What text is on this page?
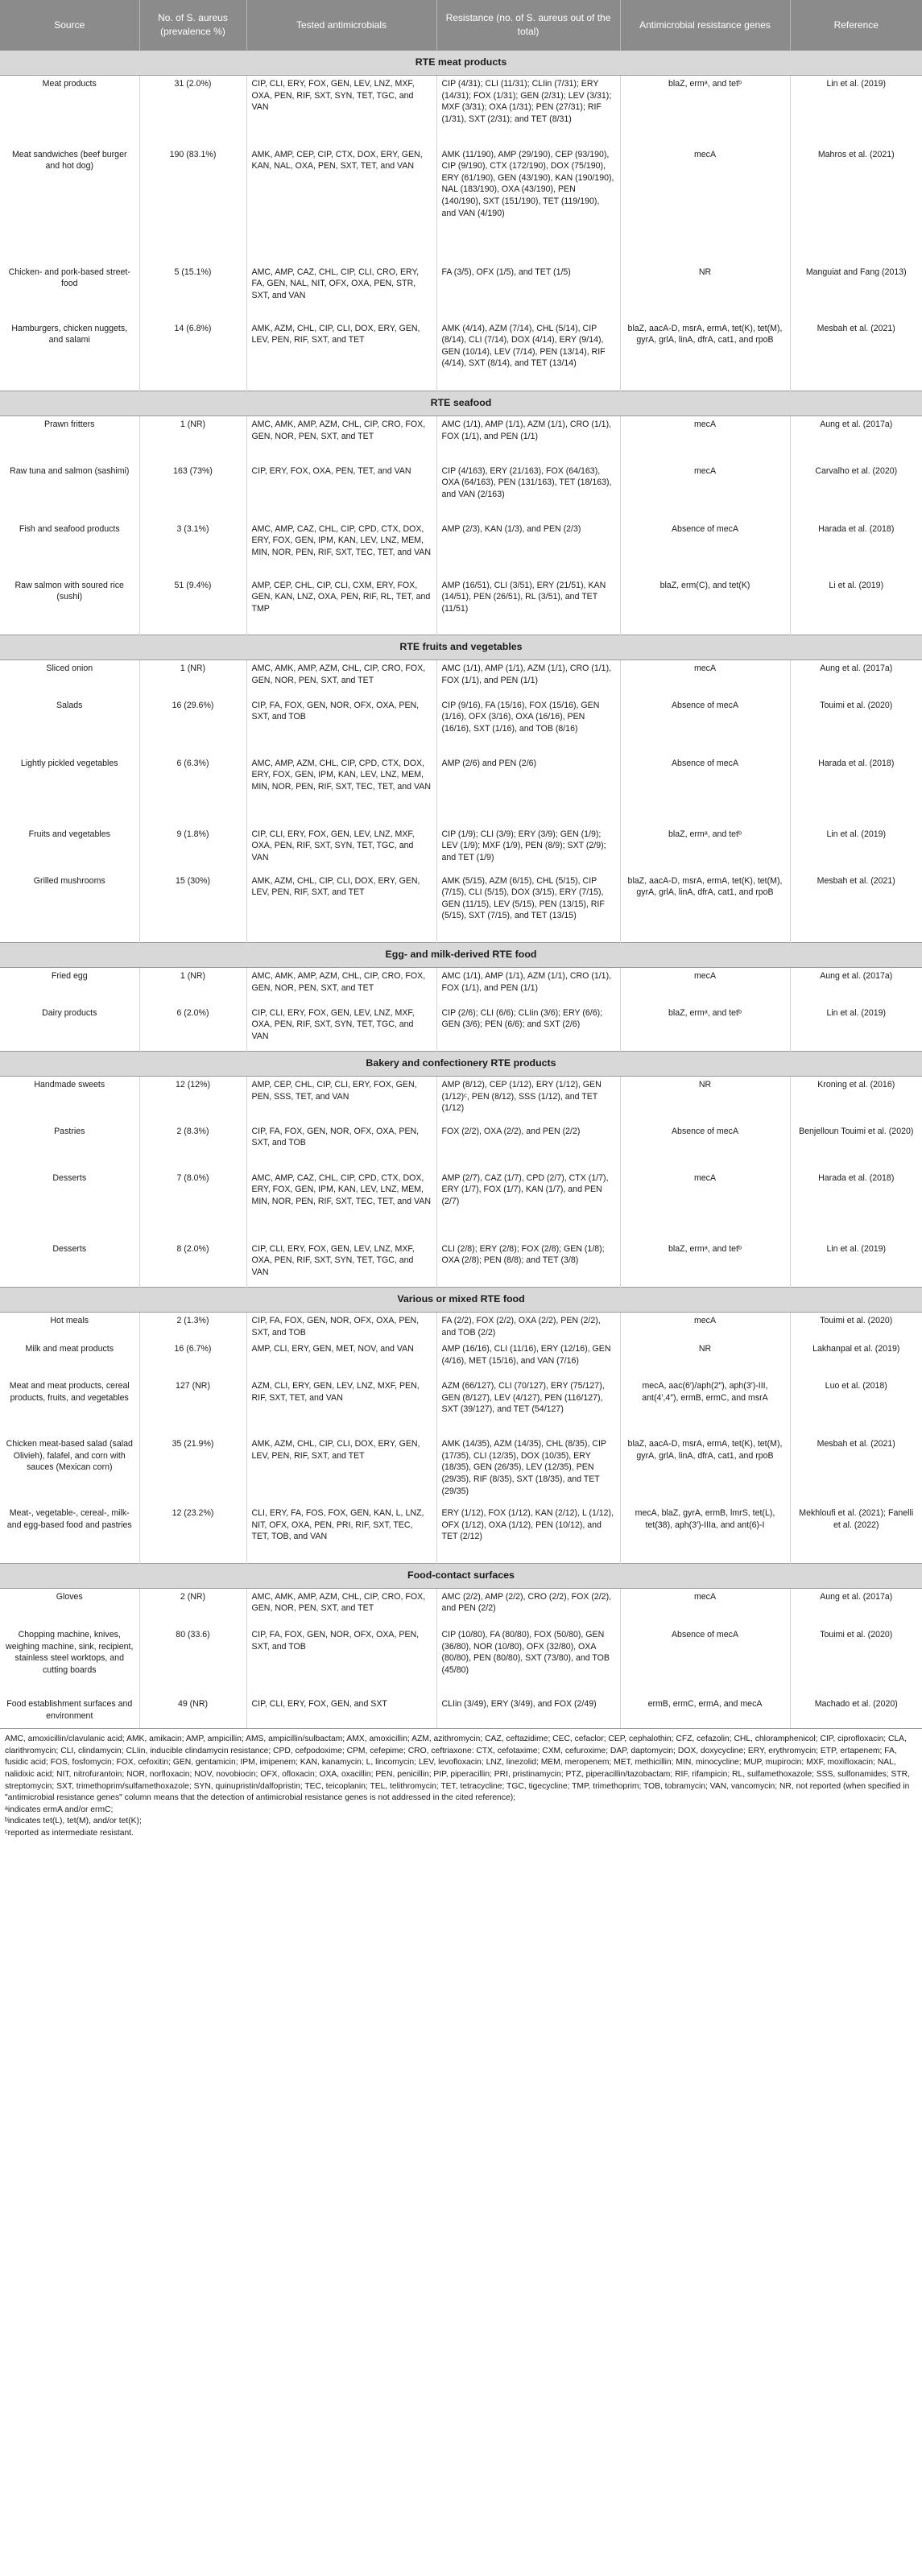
Source	No. of S. aureus (prevalence %)	Tested antimicrobials	Resistance (no. of S. aureus out of the total)	Antimicrobial resistance genes	Reference
RTE meat products					
Meat products	31 (2.0%)	CIP, CLI, ERY, FOX, GEN, LEV, LNZ, MXF, OXA, PEN, RIF, SXT, SYN, TET, TGC, and VAN	CIP (4/31); CLI (11/31); CLIin (7/31); ERY (14/31); FOX (1/31); GEN (2/31); LEV (3/31); MXF (3/31); OXA (1/31); PEN (27/31); RIF (1/31), SXT (2/31); and TET (8/31)	blaZ, ermᵃ, and tetᵇ	Lin et al. (2019)
Meat sandwiches (beef burger and hot dog)	190 (83.1%)	AMK, AMP, CEP, CIP, CTX, DOX, ERY, GEN, KAN, NAL, OXA, PEN, SXT, TET, and VAN	AMK (11/190), AMP (29/190), CEP (93/190), CIP (9/190), CTX (172/190), DOX (75/190), ERY (61/190), GEN (43/190), KAN (190/190), NAL (183/190), OXA (43/190), PEN (140/190), SXT (151/190), TET (119/190), and VAN (4/190)	mecA	Mahros et al. (2021)
Chicken- and pork-based street-food	5 (15.1%)	AMC, AMP, CAZ, CHL, CIP, CLI, CRO, ERY, FA, GEN, NAL, NIT, OFX, OXA, PEN, STR, SXT, and VAN	FA (3/5), OFX (1/5), and TET (1/5)	NR	Manguiat and Fang (2013)
Hamburgers, chicken nuggets, and salami	14 (6.8%)	AMK, AZM, CHL, CIP, CLI, DOX, ERY, GEN, LEV, PEN, RIF, SXT, and TET	AMK (4/14), AZM (7/14), CHL (5/14), CIP (8/14), CLI (7/14), DOX (4/14), ERY (9/14), GEN (10/14), LEV (7/14), PEN (13/14), RIF (4/14), SXT (8/14), and TET (13/14)	blaZ, aacA-D, msrA, ermA, tet(K), tet(M), gyrA, grlA, linA, dfrA, cat1, and rpoB	Mesbah et al. (2021)
RTE seafood					
Prawn fritters	1 (NR)	AMC, AMK, AMP, AZM, CHL, CIP, CRO, FOX, GEN, NOR, PEN, SXT, and TET	AMC (1/1), AMP (1/1), AZM (1/1), CRO (1/1), FOX (1/1), and PEN (1/1)	mecA	Aung et al. (2017a)
Raw tuna and salmon (sashimi)	163 (73%)	CIP, ERY, FOX, OXA, PEN, TET, and VAN	CIP (4/163), ERY (21/163), FOX (64/163), OXA (64/163), PEN (131/163), TET (18/163), and VAN (2/163)	mecA	Carvalho et al. (2020)
Fish and seafood products	3 (3.1%)	AMC, AMP, CAZ, CHL, CIP, CPD, CTX, DOX, ERY, FOX, GEN, IPM, KAN, LEV, LNZ, MEM, MIN, NOR, PEN, RIF, SXT, TEC, TET, and VAN	AMP (2/3), KAN (1/3), and PEN (2/3)	Absence of mecA	Harada et al. (2018)
Raw salmon with soured rice (sushi)	51 (9.4%)	AMP, CEP, CHL, CIP, CLI, CXM, ERY, FOX, GEN, KAN, LNZ, OXA, PEN, RIF, RL, TET, and TMP	AMP (16/51), CLI (3/51), ERY (21/51), KAN (14/51), PEN (26/51), RL (3/51), and TET (11/51)	blaZ, erm(C), and tet(K)	Li et al. (2019)
RTE fruits and vegetables					
Sliced onion	1 (NR)	AMC, AMK, AMP, AZM, CHL, CIP, CRO, FOX, GEN, NOR, PEN, SXT, and TET	AMC (1/1), AMP (1/1), AZM (1/1), CRO (1/1), FOX (1/1), and PEN (1/1)	mecA	Aung et al. (2017a)
Salads	16 (29.6%)	CIP, FA, FOX, GEN, NOR, OFX, OXA, PEN, SXT, and TOB	CIP (9/16), FA (15/16), FOX (15/16), GEN (1/16), OFX (3/16), OXA (16/16), PEN (16/16), SXT (1/16), and TOB (8/16)	Absence of mecA	Touimi et al. (2020)
Lightly pickled vegetables	6 (6.3%)	AMC, AMP, AZM, CHL, CIP, CPD, CTX, DOX, ERY, FOX, GEN, IPM, KAN, LEV, LNZ, MEM, MIN, NOR, PEN, RIF, SXT, TEC, TET, and VAN	AMP (2/6) and PEN (2/6)	Absence of mecA	Harada et al. (2018)
Fruits and vegetables	9 (1.8%)	CIP, CLI, ERY, FOX, GEN, LEV, LNZ, MXF, OXA, PEN, RIF, SXT, SYN, TET, TGC, and VAN	CIP (1/9); CLI (3/9); ERY (3/9); GEN (1/9); LEV (1/9); MXF (1/9), PEN (8/9); SXT (2/9); and TET (1/9)	blaZ, ermᵃ, and tetᵇ	Lin et al. (2019)
Grilled mushrooms	15 (30%)	AMK, AZM, CHL, CIP, CLI, DOX, ERY, GEN, LEV, PEN, RIF, SXT, and TET	AMK (5/15), AZM (6/15), CHL (5/15), CIP (7/15), CLI (5/15), DOX (3/15), ERY (7/15), GEN (11/15), LEV (5/15), PEN (13/15), RIF (5/15), SXT (7/15), and TET (13/15)	blaZ, aacA-D, msrA, ermA, tet(K), tet(M), gyrA, grlA, linA, dfrA, cat1, and rpoB	Mesbah et al. (2021)
Egg- and milk-derived RTE food					
Fried egg	1 (NR)	AMC, AMK, AMP, AZM, CHL, CIP, CRO, FOX, GEN, NOR, PEN, SXT, and TET	AMC (1/1), AMP (1/1), AZM (1/1), CRO (1/1), FOX (1/1), and PEN (1/1)	mecA	Aung et al. (2017a)
Dairy products	6 (2.0%)	CIP, CLI, ERY, FOX, GEN, LEV, LNZ, MXF, OXA, PEN, RIF, SXT, SYN, TET, TGC, and VAN	CIP (2/6); CLI (6/6); CLIin (3/6); ERY (6/6); GEN (3/6); PEN (6/6); and SXT (2/6)	blaZ, ermᵃ, and tetᵇ	Lin et al. (2019)
Bakery and confectionery RTE products					
Handmade sweets	12 (12%)	AMP, CEP, CHL, CIP, CLI, ERY, FOX, GEN, PEN, SSS, TET, and VAN	AMP (8/12), CEP (1/12), ERY (1/12), GEN (1/12)ᶜ, PEN (8/12), SSS (1/12), and TET (1/12)	NR	Kroning et al. (2016)
Pastries	2 (8.3%)	CIP, FA, FOX, GEN, NOR, OFX, OXA, PEN, SXT, and TOB	FOX (2/2), OXA (2/2), and PEN (2/2)	Absence of mecA	Benjelloun Touimi et al. (2020)
Desserts	7 (8.0%)	AMC, AMP, CAZ, CHL, CIP, CPD, CTX, DOX, ERY, FOX, GEN, IPM, KAN, LEV, LNZ, MEM, MIN, NOR, PEN, RIF, SXT, TEC, TET, and VAN	AMP (2/7), CAZ (1/7), CPD (2/7), CTX (1/7), ERY (1/7), FOX (1/7), KAN (1/7), and PEN (2/7)	mecA	Harada et al. (2018)
Desserts	8 (2.0%)	CIP, CLI, ERY, FOX, GEN, LEV, LNZ, MXF, OXA, PEN, RIF, SXT, SYN, TET, TGC, and VAN	CLI (2/8); ERY (2/8); FOX (2/8); GEN (1/8); OXA (2/8); PEN (8/8); and TET (3/8)	blaZ, ermᵃ, and tetᵇ	Lin et al. (2019)
Various or mixed RTE food					
Hot meals	2 (1.3%)	CIP, FA, FOX, GEN, NOR, OFX, OXA, PEN, SXT, and TOB	FA (2/2), FOX (2/2), OXA (2/2), PEN (2/2), and TOB (2/2)	mecA	Touimi et al. (2020)
Milk and meat products	16 (6.7%)	AMP, CLI, ERY, GEN, MET, NOV, and VAN	AMP (16/16), CLI (11/16), ERY (12/16), GEN (4/16), MET (15/16), and VAN (7/16)	NR	Lakhanpal et al. (2019)
Meat and meat products, cereal products, fruits, and vegetables	127 (NR)	AZM, CLI, ERY, GEN, LEV, LNZ, MXF, PEN, RIF, SXT, TET, and VAN	AZM (66/127), CLI (70/127), ERY (75/127), GEN (8/127), LEV (4/127), PEN (116/127), SXT (39/127), and TET (54/127)	mecA, aac(6′)/aph(2″), aph(3′)-III, ant(4′,4″), ermB, ermC, and msrA	Luo et al. (2018)
Chicken meat-based salad (salad Olivieh), falafel, and corn with sauces (Mexican corn)	35 (21.9%)	AMK, AZM, CHL, CIP, CLI, DOX, ERY, GEN, LEV, PEN, RIF, SXT, and TET	AMK (14/35), AZM (14/35), CHL (8/35), CIP (17/35), CLI (12/35), DOX (10/35), ERY (18/35), GEN (26/35), LEV (12/35), PEN (29/35), RIF (8/35), SXT (18/35), and TET (29/35)	blaZ, aacA-D, msrA, ermA, tet(K), tet(M), gyrA, grlA, linA, dfrA, cat1, and rpoB	Mesbah et al. (2021)
Meat-, vegetable-, cereal-, milk- and egg-based food and pastries	12 (23.2%)	CLI, ERY, FA, FOS, FOX, GEN, KAN, L, LNZ, NIT, OFX, OXA, PEN, PRI, RIF, SXT, TEC, TET, TOB, and VAN	ERY (1/12), FOX (1/12), KAN (2/12), L (1/12), OFX (1/12), OXA (1/12), PEN (10/12), and TET (2/12)	mecA, blaZ, gyrA, ermB, lmrS, tet(L), tet(38), aph(3′)-IIIa, and ant(6)-I	Mekhloufi et al. (2021); Fanelli et al. (2022)
Food-contact surfaces					
Gloves	2 (NR)	AMC, AMK, AMP, AZM, CHL, CIP, CRO, FOX, GEN, NOR, PEN, SXT, and TET	AMC (2/2), AMP (2/2), CRO (2/2), FOX (2/2), and PEN (2/2)	mecA	Aung et al. (2017a)
Chopping machine, knives, weighing machine, sink, recipient, stainless steel worktops, and cutting boards	80 (33.6)	CIP, FA, FOX, GEN, NOR, OFX, OXA, PEN, SXT, and TOB	CIP (10/80), FA (80/80), FOX (50/80), GEN (36/80), NOR (10/80), OFX (32/80), OXA (80/80), PEN (80/80), SXT (73/80), and TOB (45/80)	Absence of mecA	Touimi et al. (2020)
Food establishment surfaces and environment	49 (NR)	CIP, CLI, ERY, FOX, GEN, and SXT	CLIin (3/49), ERY (3/49), and FOX (2/49)	ermB, ermC, ermA, and mecA	Machado et al. (2020)
AMC, amoxicillin/clavulanic acid; AMK, amikacin; AMP, ampicillin; AMS, ampicillin/sulbactam; AMX, amoxicillin; AZM, azithromycin; CAZ, ceftazidime; CEC, cefaclor; CEP, cephalothin; CFZ, cefazolin; CHL, chloramphenicol; CIP, ciprofloxacin; CLA, clarithromycin; CLI, clindamycin; CLIin, inducible clindamycin resistance; CPD, cefpodoxime; CPM, cefepime; CRO, ceftriaxone: CTX, cefotaxime; CXM, cefuroxime; DAP, daptomycin; DOX, doxycycline; ERY, erythromycin; ETP, ertapenem; FA, fusidic acid; FOS, fosfomycin; FOX, cefoxitin; GEN, gentamicin; IPM, imipenem; KAN, kanamycin; L, lincomycin; LEV, levofloxacin; LNZ, linezolid; MEM, meropenem; MET, methicillin; MIN, minocycline; MUP, mupirocin; MXF, moxifloxacin; NAL, nalidixic acid; NIT, nitrofurantoin; NOR, norfloxacin; NOV, novobiocin; OFX, ofloxacin; OXA, oxacillin; PEN, penicillin; PIP, piperacillin; PRI, pristinamycin; PTZ, piperacillin/tazobactam; RIF, rifampicin; RL, sulfamethoxazole; SSS, sulfonamides; STR, streptomycin; SXT, trimethoprim/sulfamethoxazole; SYN, quinupristin/dalfopristin; TEC, teicoplanin; TEL, telithromycin; TET, tetracycline; TGC, tigecycline; TMP, trimethoprim; TOB, tobramycin; VAN, vancomycin; NR, not reported (when specified in "antimicrobial resistance genes" column means that the detection of antimicrobial resistance genes is not addressed in the cited reference);
ᵃindicates ermA and/or ermC;
ᵇindicates tet(L), tet(M), and/or tet(K);
ᶜreported as intermediate resistant.
